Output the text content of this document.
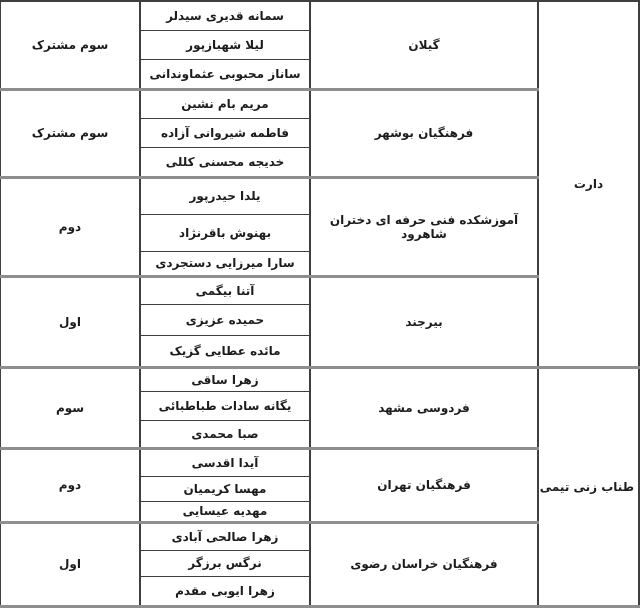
دارت	گیلان	سمانه قدیری سیدلر	سوم مشترک
		لیلا شهبازپور	
		ساناز محبوبی عثماوندانی	
	فرهنگیان بوشهر	مریم بام نشین	سوم مشترک
		فاطمه شیروانی آزاده	
		خدیجه محسنی کللی	
	آموزشکده فنی حرفه ای دختران شاهرود	یلدا حیدرپور	دوم
		بهنوش باقرنژاد	
		سارا میرزایی دستجردی	
	بیرجند	آتنا بیگمی	اول
		حمیده عزیزی	
		مائده عطایی گزیک	
طناب زنی تیمی	فردوسی مشهد	زهرا ساقی	سوم
		یگانه سادات طباطبائی	
		صبا محمدی	
	فرهنگیان تهران	آیدا اقدسی	دوم
		مهسا کریمیان	
		مهدیه عیسایی	
	فرهنگیان خراسان رضوی	زهرا صالحی آبادی	اول
		نرگس برزگر	
		زهرا ایوبی مقدم	
